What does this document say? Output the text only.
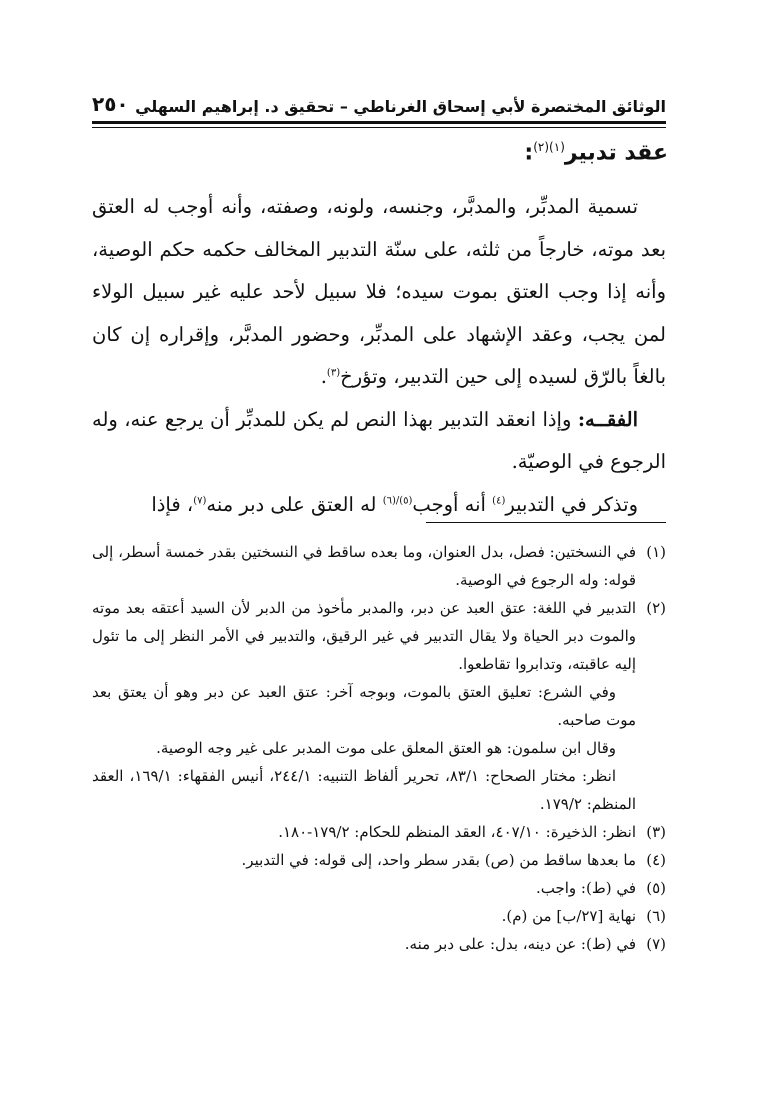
٢٥٠ الوثائق المختصرة لأبي إسحاق الغرناطي – تحقيق د. إبراهيم السهلي
عقد تدبير$^{(١)(٢)}$:

تسمية المدبِّر، والمدبَّر، وجنسه، ولونه، وصفته، وأنه أوجب له العتق بعد موته، خارجاً من ثلثه، على سنّة التدبير المخالف حكمه حكم الوصية، وأنه إذا وجب العتق بموت سيده؛ فلا سبيل لأحد عليه غير سبيل الولاء لمن يجب، وعقد الإشهاد على المدبِّر، وحضور المدبَّر، وإقراره إن كان بالغاً بالرّق لسيده إلى حين التدبير، وتؤرخ$^{(٣)}$.

الفقــه: وإذا انعقد التدبير بهذا النص لم يكن للمدبِّر أن يرجع عنه، وله الرجوع في الوصيّة.

وتذكر في التدبير$^{(٤)}$ أنه أوجب$^{(٥)/(٦)}$ له العتق على دبر منه$^{(٧)}$، فإذا

(١)في النسختين: فصل، بدل العنوان، وما بعده ساقط في النسختين بقدر خمسة أسطر، إلى قوله: وله الرجوع في الوصية.

(٢)التدبير في اللغة: عتق العبد عن دبر، والمدبر مأخوذ من الدبر لأن السيد أعتقه بعد موته والموت دبر الحياة ولا يقال التدبير في غير الرقيق، والتدبير في الأمر النظر إلى ما تئول إليه عاقبته، وتدابروا تقاطعوا.

وفي الشرع: تعليق العتق بالموت، وبوجه آخر: عتق العبد عن دبر وهو أن يعتق بعد موت صاحبه.

وقال ابن سلمون: هو العتق المعلق على موت المدبر على غير وجه الوصية.

انظر: مختار الصحاح: ٨٣/١، تحرير ألفاظ التنبيه: ٢٤٤/١، أنيس الفقهاء: ١٦٩/١، العقد المنظم: ١٧٩/٢.

(٣)انظر: الذخيرة: ٤٠٧/١٠، العقد المنظم للحكام: ١٧٩/٢-١٨٠.

(٤)ما بعدها ساقط من (ص) بقدر سطر واحد، إلى قوله: في التدبير.

(٥)في (ط): واجب.

(٦)نهاية [٢٧/ب] من (م).

(٧)في (ط): عن دينه، بدل: على دبر منه.
